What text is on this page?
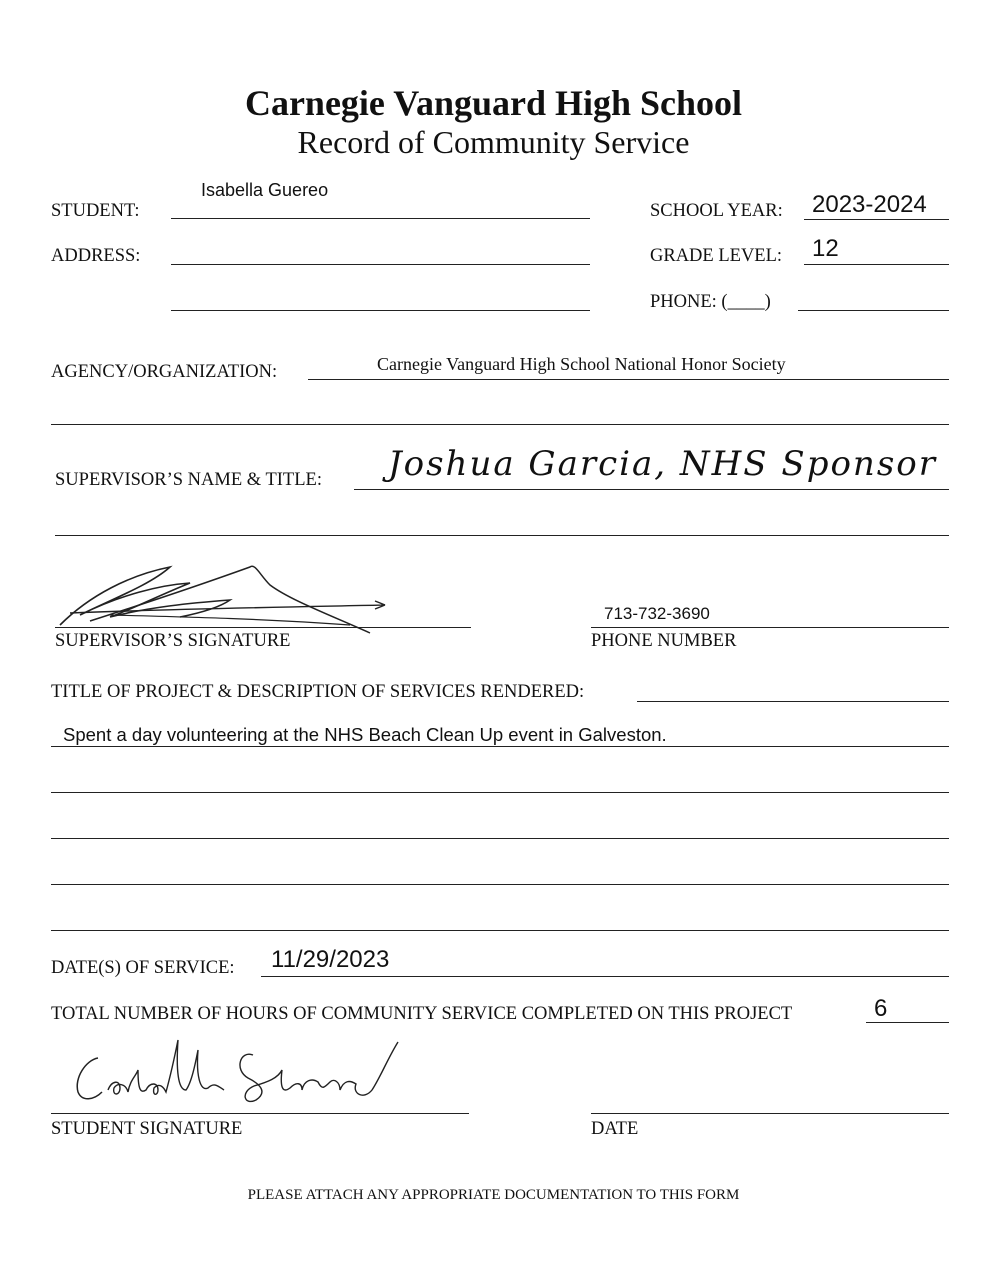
Carnegie Vanguard High School
Record of Community Service
STUDENT:
Isabella Guereo
SCHOOL YEAR: 2023-2024
ADDRESS:	GRADE LEVEL: 12
PHONE: (____)
AGENCY/ORGANIZATION:	Carnegie Vanguard High School National Honor Society
SUPERVISOR’S NAME & TITLE: Joshua Garcia, NHS Sponsor
SUPERVISOR’S SIGNATURE
713-732-3690
PHONE NUMBER
TITLE OF PROJECT & DESCRIPTION OF SERVICES RENDERED:
Spent a day volunteering at the NHS Beach Clean Up event in Galveston.
DATE(S) OF SERVICE: 11/29/2023
TOTAL NUMBER OF HOURS OF COMMUNITY SERVICE COMPLETED ON THIS PROJECT	6
STUDENT SIGNATURE	DATE
PLEASE ATTACH ANY APPROPRIATE DOCUMENTATION TO THIS FORM
